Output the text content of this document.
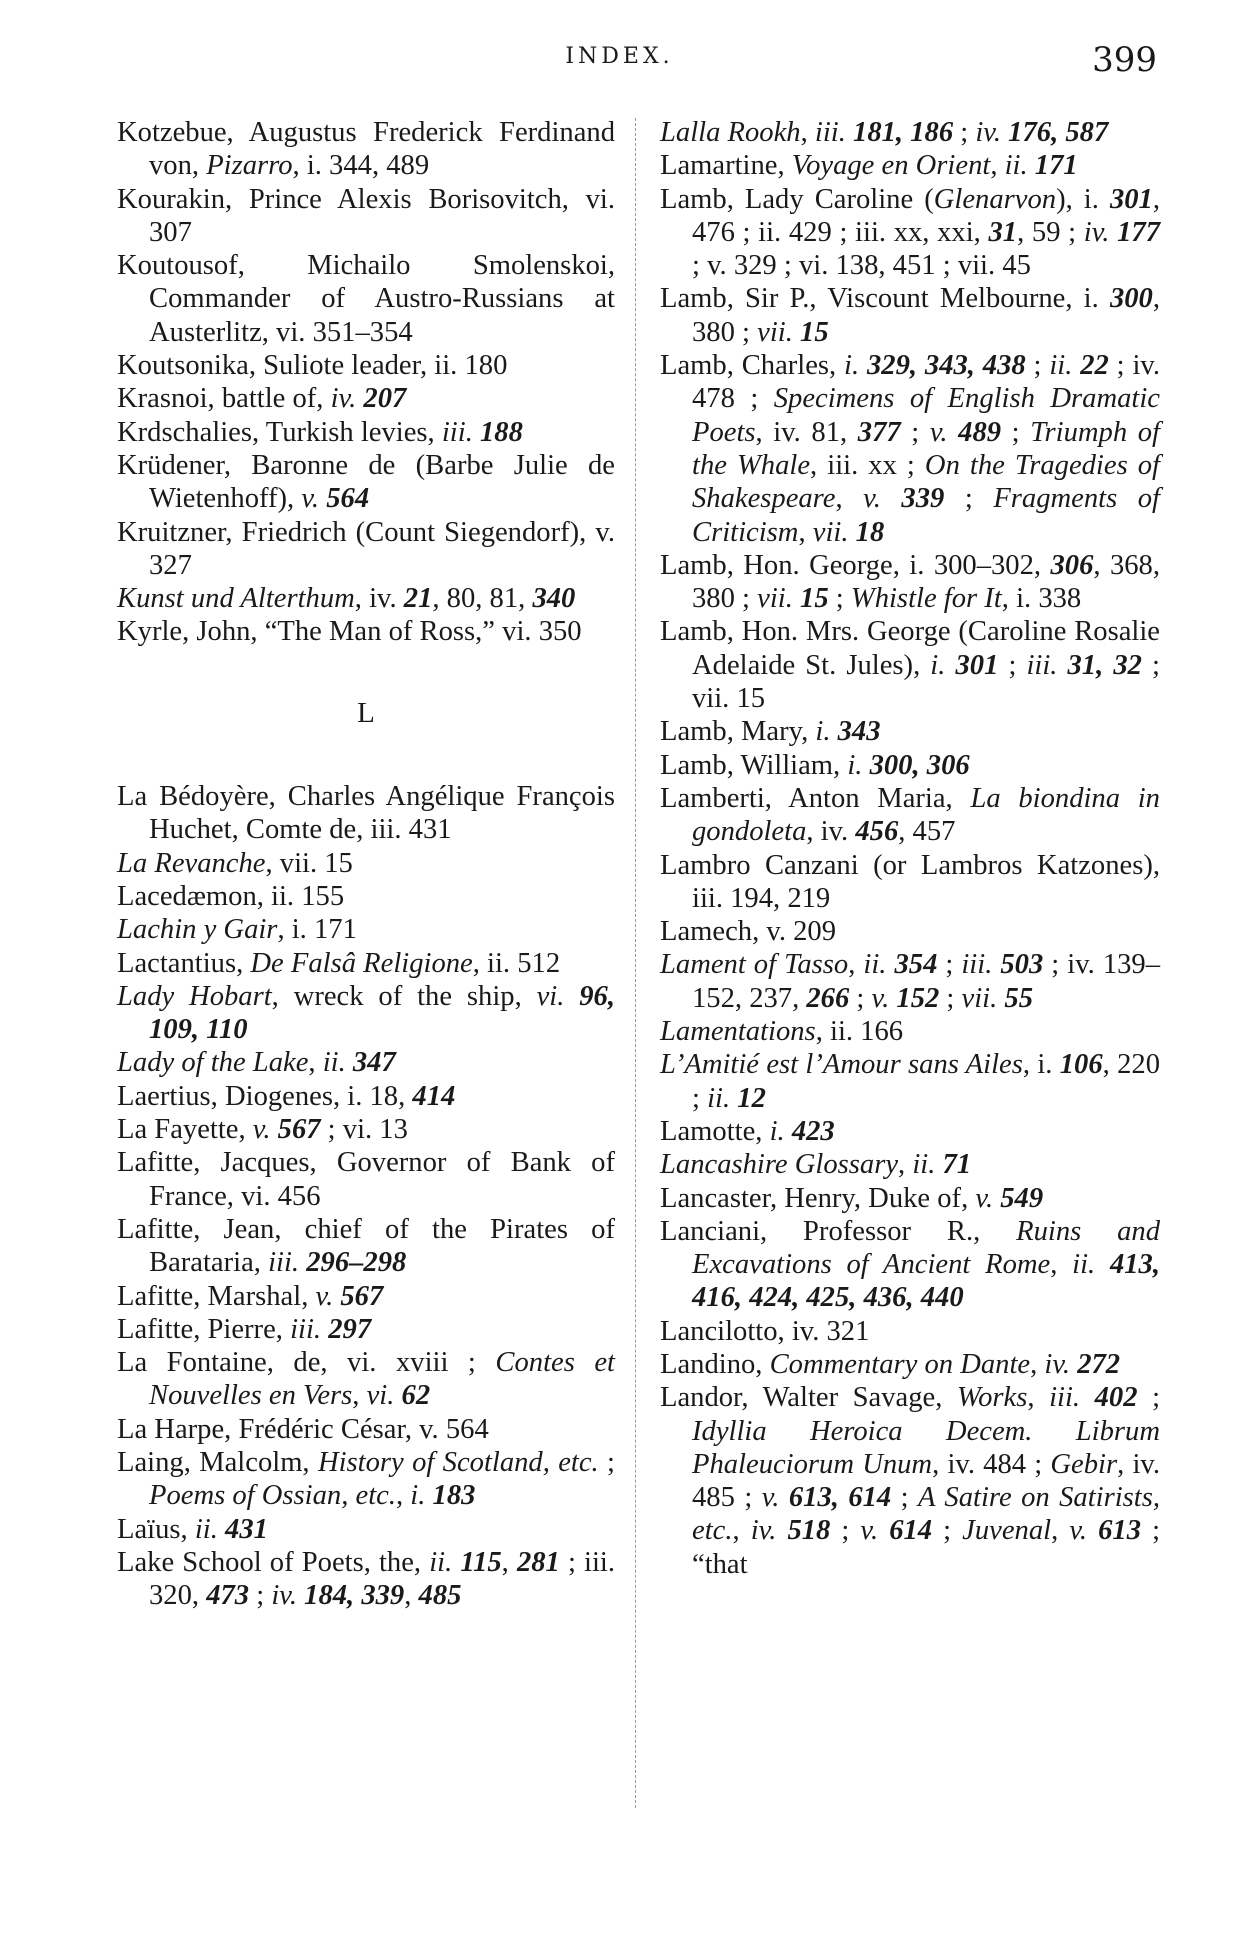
INDEX.	399

Kotzebue, Augustus Frederick Ferdinand von, Pizarro, i. 344, 489

Kourakin, Prince Alexis Borisovitch, vi. 307

Koutousof, Michailo Smolenskoi, Commander of Austro-Russians at Austerlitz, vi. 351–354

Koutsonika, Suliote leader, ii. 180

Krasnoi, battle of, iv. 207

Krdschalies, Turkish levies, iii. 188

Krüdener, Baronne de (Barbe Julie de Wietenhoff), v. 564

Kruitzner, Friedrich (Count Siegendorf), v. 327

Kunst und Alterthum, iv. 21, 80, 81, 340

Kyrle, John, “The Man of Ross,” vi. 350

L

La Bédoyère, Charles Angélique François Huchet, Comte de, iii. 431

La Revanche, vii. 15

Lacedæmon, ii. 155

Lachin y Gair, i. 171

Lactantius, De Falsâ Religione, ii. 512

Lady Hobart, wreck of the ship, vi. 96, 109, 110

Lady of the Lake, ii. 347

Laertius, Diogenes, i. 18, 414

La Fayette, v. 567 ; vi. 13

Lafitte, Jacques, Governor of Bank of France, vi. 456

Lafitte, Jean, chief of the Pirates of Barataria, iii. 296–298

Lafitte, Marshal, v. 567

Lafitte, Pierre, iii. 297

La Fontaine, de, vi. xviii ; Contes et Nouvelles en Vers, vi. 62

La Harpe, Frédéric César, v. 564

Laing, Malcolm, History of Scotland, etc. ; Poems of Ossian, etc., i. 183

Laïus, ii. 431

Lake School of Poets, the, ii. 115, 281 ; iii. 320, 473 ; iv. 184, 339, 485

Lalla Rookh, iii. 181, 186 ; iv. 176, 587

Lamartine, Voyage en Orient, ii. 171

Lamb, Lady Caroline (Glenarvon), i. 301, 476 ; ii. 429 ; iii. xx, xxi, 31, 59 ; iv. 177 ; v. 329 ; vi. 138, 451 ; vii. 45

Lamb, Sir P., Viscount Melbourne, i. 300, 380 ; vii. 15

Lamb, Charles, i. 329, 343, 438 ; ii. 22 ; iv. 478 ; Specimens of English Dramatic Poets, iv. 81, 377 ; v. 489 ; Triumph of the Whale, iii. xx ; On the Tragedies of Shakespeare, v. 339 ; Fragments of Criticism, vii. 18

Lamb, Hon. George, i. 300–302, 306, 368, 380 ; vii. 15 ; Whistle for It, i. 338

Lamb, Hon. Mrs. George (Caroline Rosalie Adelaide St. Jules), i. 301 ; iii. 31, 32 ; vii. 15

Lamb, Mary, i. 343

Lamb, William, i. 300, 306

Lamberti, Anton Maria, La biondina in gondoleta, iv. 456, 457

Lambro Canzani (or Lambros Katzones), iii. 194, 219

Lamech, v. 209

Lament of Tasso, ii. 354 ; iii. 503 ; iv. 139–152, 237, 266 ; v. 152 ; vii. 55

Lamentations, ii. 166

L’Amitié est l’Amour sans Ailes, i. 106, 220 ; ii. 12

Lamotte, i. 423

Lancashire Glossary, ii. 71

Lancaster, Henry, Duke of, v. 549

Lanciani, Professor R., Ruins and Excavations of Ancient Rome, ii. 413, 416, 424, 425, 436, 440

Lancilotto, iv. 321

Landino, Commentary on Dante, iv. 272

Landor, Walter Savage, Works, iii. 402 ; Idyllia Heroica Decem. Librum Phaleuciorum Unum, iv. 484 ; Gebir, iv. 485 ; v. 613, 614 ; A Satire on Satirists, etc., iv. 518 ; v. 614 ; Juvenal, v. 613 ; “that
